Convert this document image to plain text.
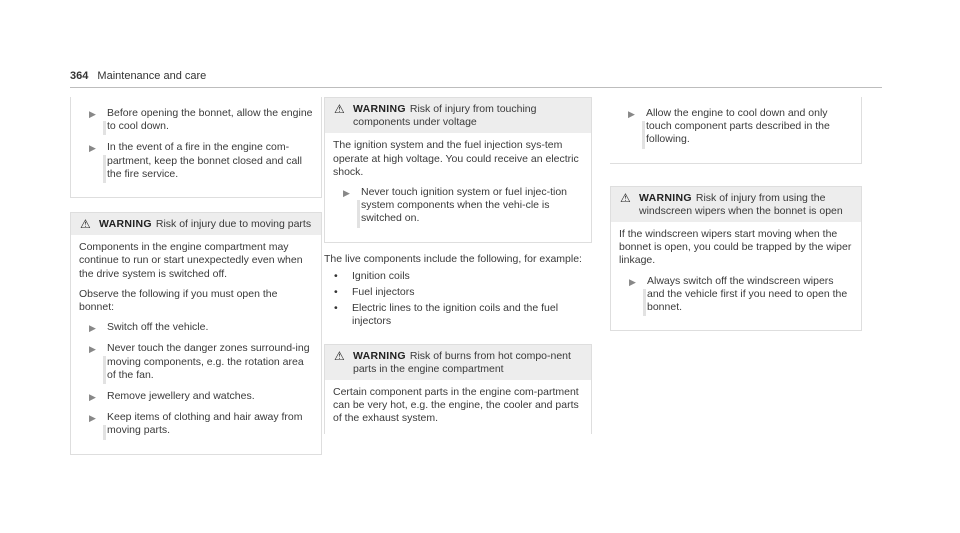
364 Maintenance and care
▶ Before opening the bonnet, allow the engine to cool down.
▶ In the event of a fire in the engine com-partment, keep the bonnet closed and call the fire service.
⚠ WARNING Risk of injury due to moving parts

Components in the engine compartment may continue to run or start unexpectedly even when the drive system is switched off.

Observe the following if you must open the bonnet:

▶ Switch off the vehicle.
▶ Never touch the danger zones surround-ing moving components, e.g. the rotation area of the fan.
▶ Remove jewellery and watches.
▶ Keep items of clothing and hair away from moving parts.
⚠ WARNING Risk of injury from touching components under voltage

The ignition system and the fuel injection sys-tem operate at high voltage. You could receive an electric shock.

▶ Never touch ignition system or fuel injec-tion system components when the vehi-cle is switched on.

The live components include the following, for example:

• Ignition coils
• Fuel injectors
• Electric lines to the ignition coils and the fuel injectors
⚠ WARNING Risk of burns from hot compo-nent parts in the engine compartment

Certain component parts in the engine com-partment can be very hot, e.g. the engine, the cooler and parts of the exhaust system.

▶ Allow the engine to cool down and only touch component parts described in the following.
⚠ WARNING Risk of injury from using the windscreen wipers when the bonnet is open

If the windscreen wipers start moving when the bonnet is open, you could be trapped by the wiper linkage.

▶ Always switch off the windscreen wipers and the vehicle first if you need to open the bonnet.
